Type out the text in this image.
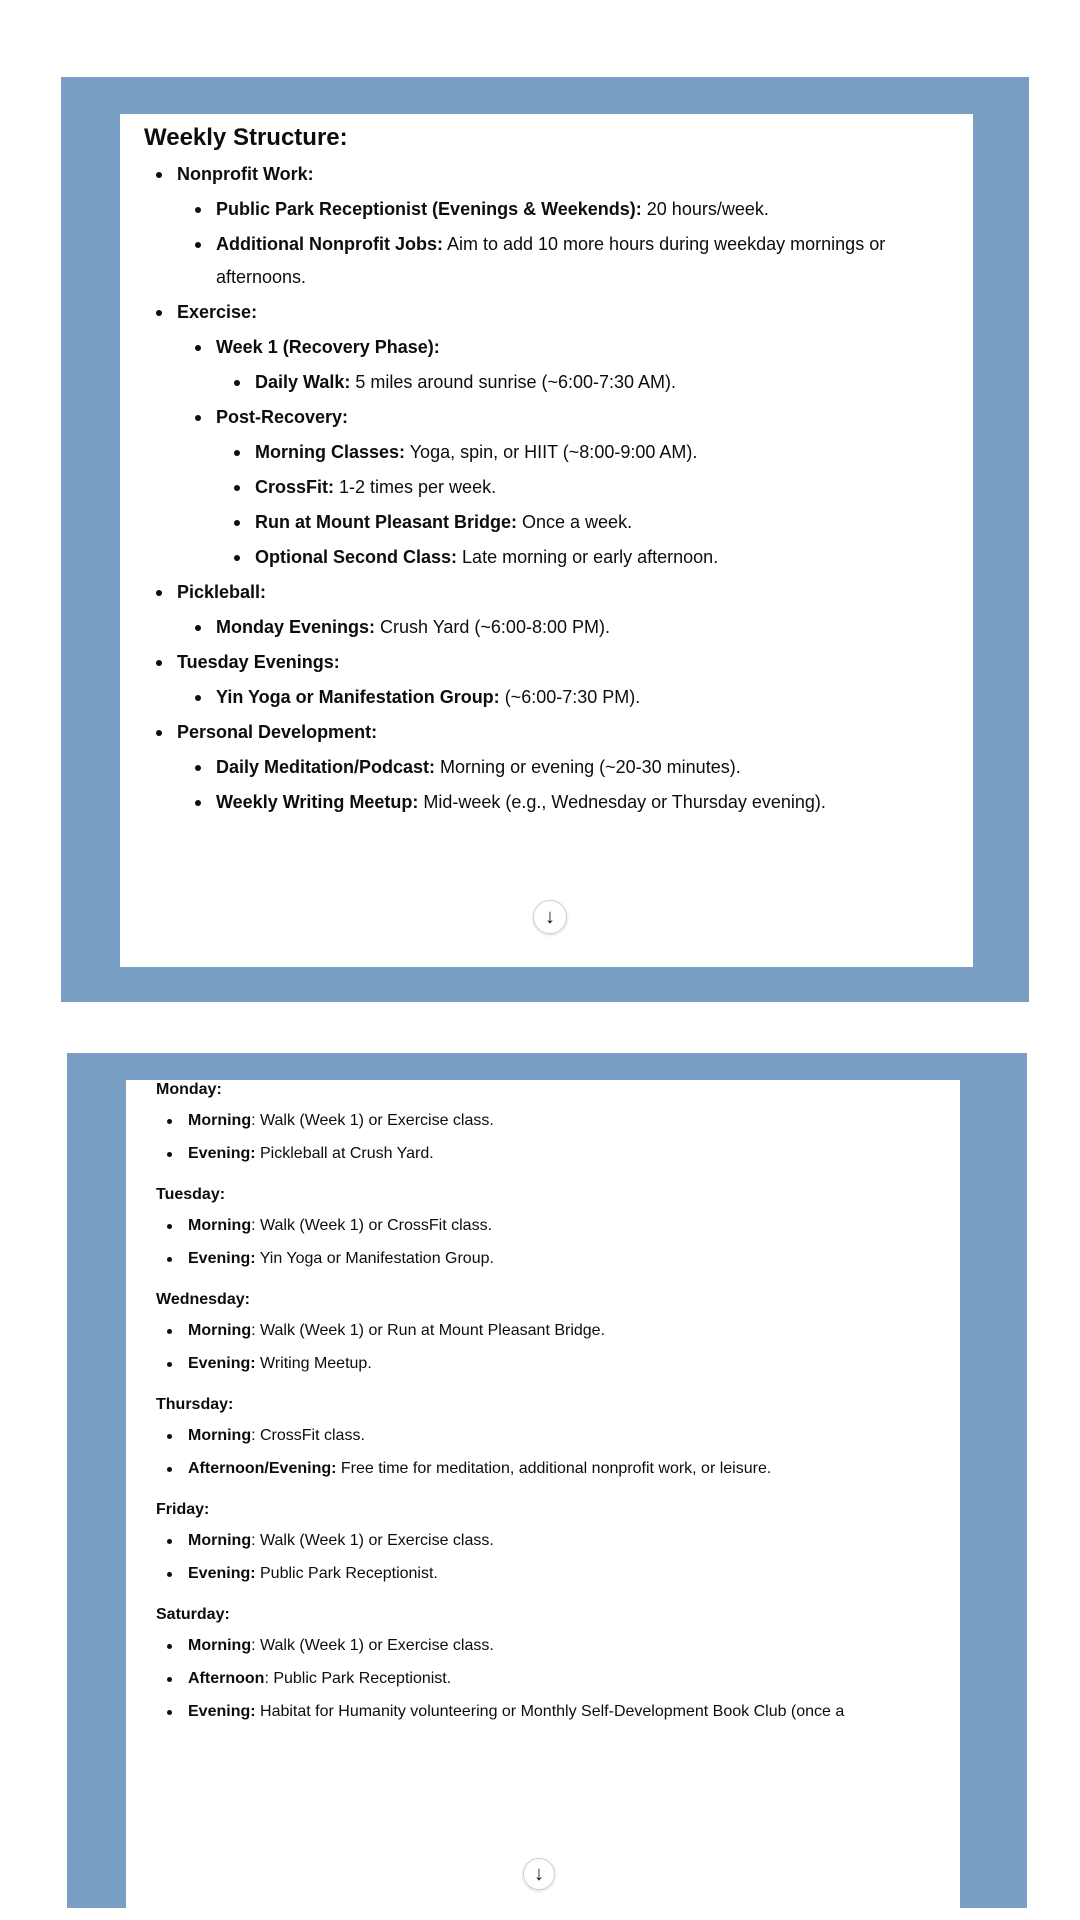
Weekly Structure:
Nonprofit Work:
Public Park Receptionist (Evenings & Weekends): 20 hours/week.
Additional Nonprofit Jobs: Aim to add 10 more hours during weekday mornings or afternoons.
Exercise:
Week 1 (Recovery Phase):
Daily Walk: 5 miles around sunrise (~6:00-7:30 AM).
Post-Recovery:
Morning Classes: Yoga, spin, or HIIT (~8:00-9:00 AM).
CrossFit: 1-2 times per week.
Run at Mount Pleasant Bridge: Once a week.
Optional Second Class: Late morning or early afternoon.
Pickleball:
Monday Evenings: Crush Yard (~6:00-8:00 PM).
Tuesday Evenings:
Yin Yoga or Manifestation Group: (~6:00-7:30 PM).
Personal Development:
Daily Meditation/Podcast: Morning or evening (~20-30 minutes).
Weekly Writing Meetup: Mid-week (e.g., Wednesday or Thursday evening).
↓
Monday:
Morning: Walk (Week 1) or Exercise class.
Evening: Pickleball at Crush Yard.
Tuesday:
Morning: Walk (Week 1) or CrossFit class.
Evening: Yin Yoga or Manifestation Group.
Wednesday:
Morning: Walk (Week 1) or Run at Mount Pleasant Bridge.
Evening: Writing Meetup.
Thursday:
Morning: CrossFit class.
Afternoon/Evening: Free time for meditation, additional nonprofit work, or leisure.
Friday:
Morning: Walk (Week 1) or Exercise class.
Evening: Public Park Receptionist.
Saturday:
Morning: Walk (Week 1) or Exercise class.
Afternoon: Public Park Receptionist.
Evening: Habitat for Humanity volunteering or Monthly Self-Development Book Club (once a
↓
